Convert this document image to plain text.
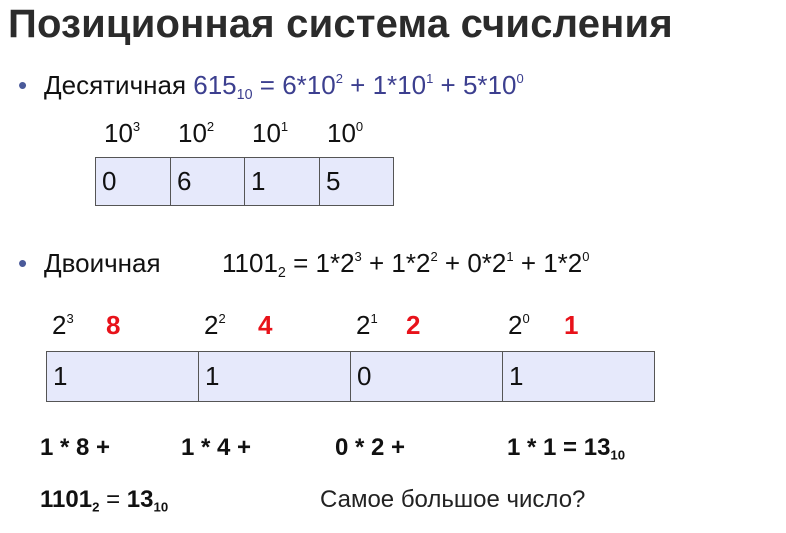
Позиционная система счисления
• Десятичная $615_{10} = 6*10^2 + 1*10^1 + 5*10^0$
$10^3$ $10^2$ $10^1$ $10^0$
0	6	1	5
• Двоичная $1101_2 = 1*2^3 + 1*2^2 + 0*2^1 + 1*2^0$
$2^3$ 8	$2^2$ 4	$2^1$ 2	$2^0$ 1
1	1	0	1
1 * 8 +	1 * 4 +	0 * 2 +	$1 * 1 = 13_{10}$
$1101_2 = 13_{10}$	Самое большое число?
